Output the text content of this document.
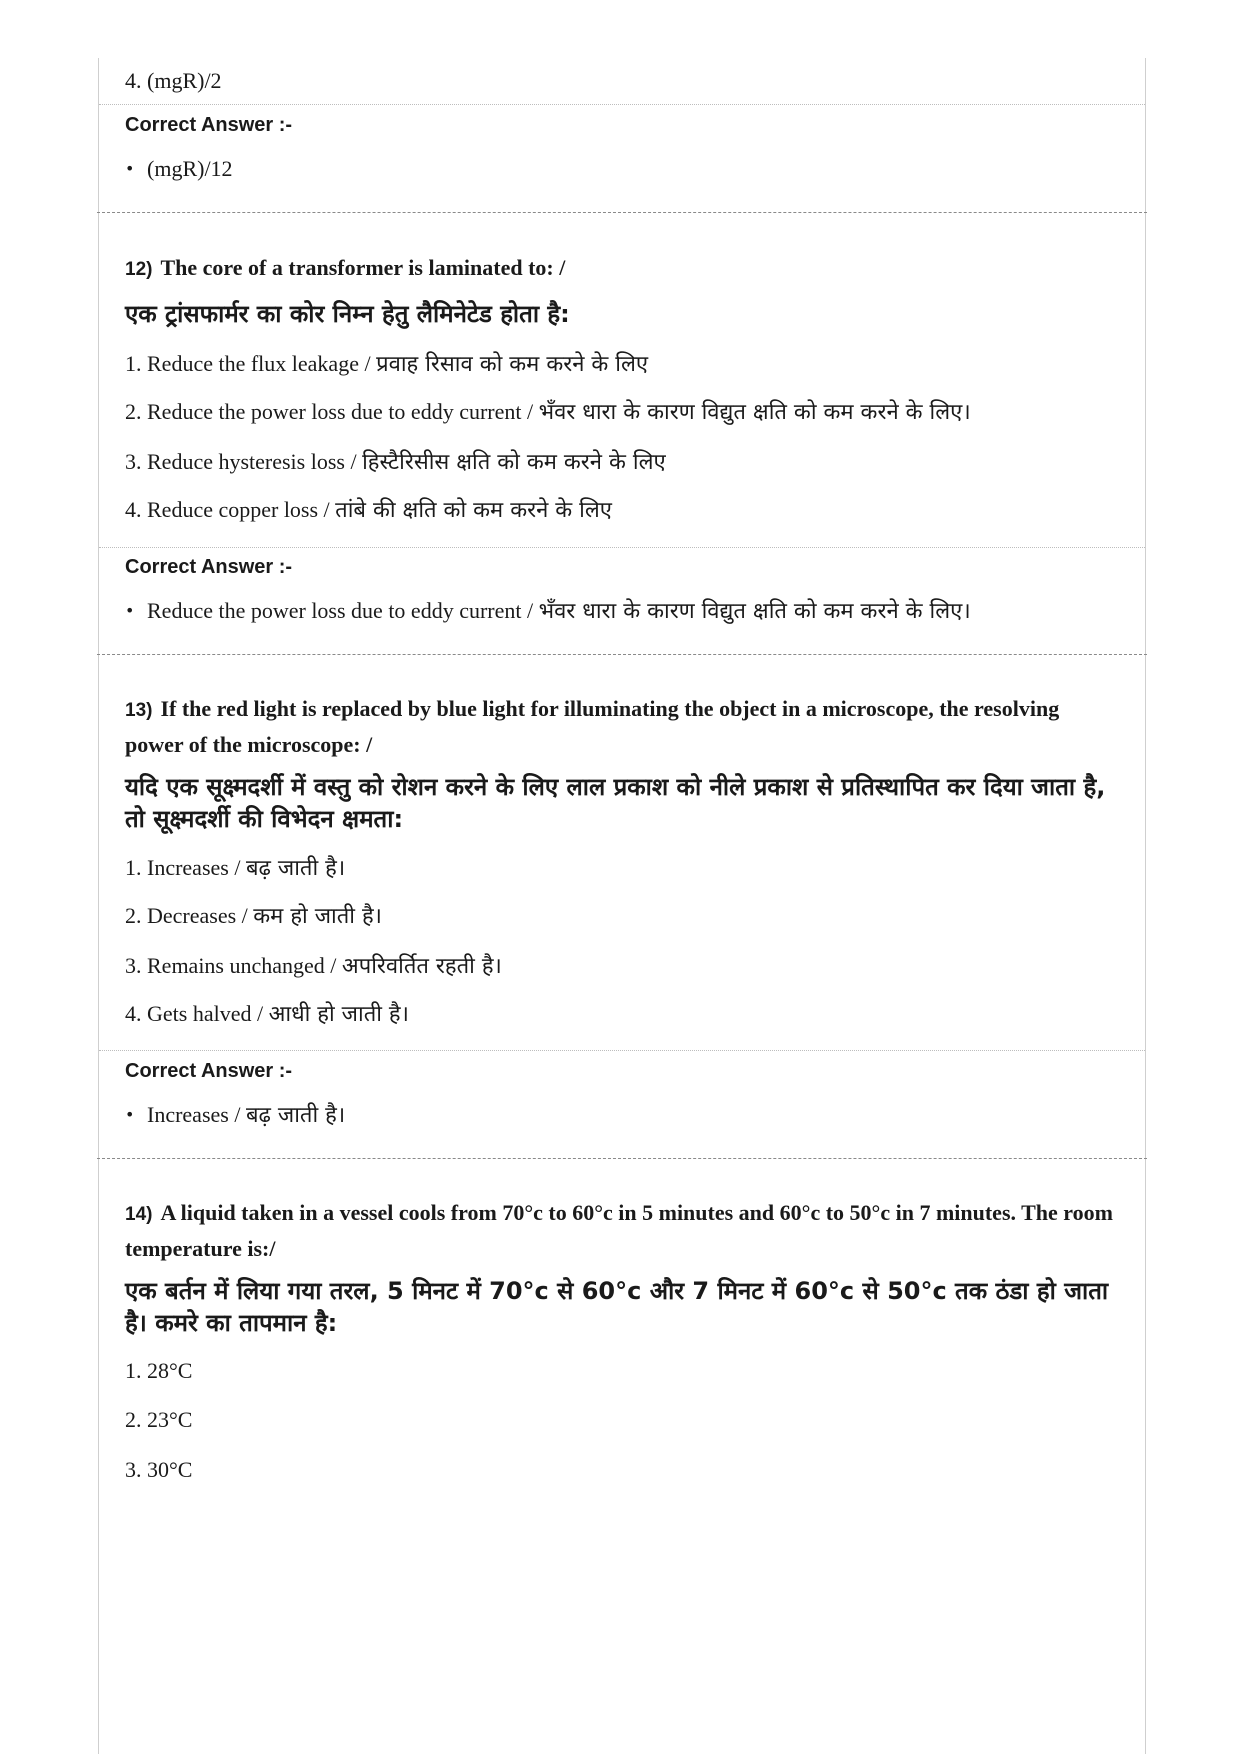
4. (mgR)/2
Correct Answer :-
• (mgR)/12
12) The core of a transformer is laminated to: /
एक ट्रांसफार्मर का कोर निम्न हेतु लैमिनेटेड होता है:
1. Reduce the flux leakage / प्रवाह रिसाव को कम करने के लिए
2. Reduce the power loss due to eddy current / भँवर धारा के कारण विद्युत क्षति को कम करने के लिए।
3. Reduce hysteresis loss / हिस्टैरिसीस क्षति को कम करने के लिए
4. Reduce copper loss / तांबे की क्षति को कम करने के लिए
Correct Answer :-
• Reduce the power loss due to eddy current / भँवर धारा के कारण विद्युत क्षति को कम करने के लिए।
13) If the red light is replaced by blue light for illuminating the object in a microscope, the resolving power of the microscope: /
यदि एक सूक्ष्मदर्शी में वस्तु को रोशन करने के लिए लाल प्रकाश को नीले प्रकाश से प्रतिस्थापित कर दिया जाता है, तो सूक्ष्मदर्शी की विभेदन क्षमता:
1. Increases / बढ़ जाती है।
2. Decreases / कम हो जाती है।
3. Remains unchanged / अपरिवर्तित रहती है।
4. Gets halved / आधी हो जाती है।
Correct Answer :-
• Increases / बढ़ जाती है।
14) A liquid taken in a vessel cools from 70°c to 60°c in 5 minutes and 60°c to 50°c in 7 minutes. The room temperature is:/
एक बर्तन में लिया गया तरल, 5 मिनट में 70°c से 60°c और 7 मिनट में 60°c से 50°c तक ठंडा हो जाता है। कमरे का तापमान है:
1. 28°C
2. 23°C
3. 30°C
